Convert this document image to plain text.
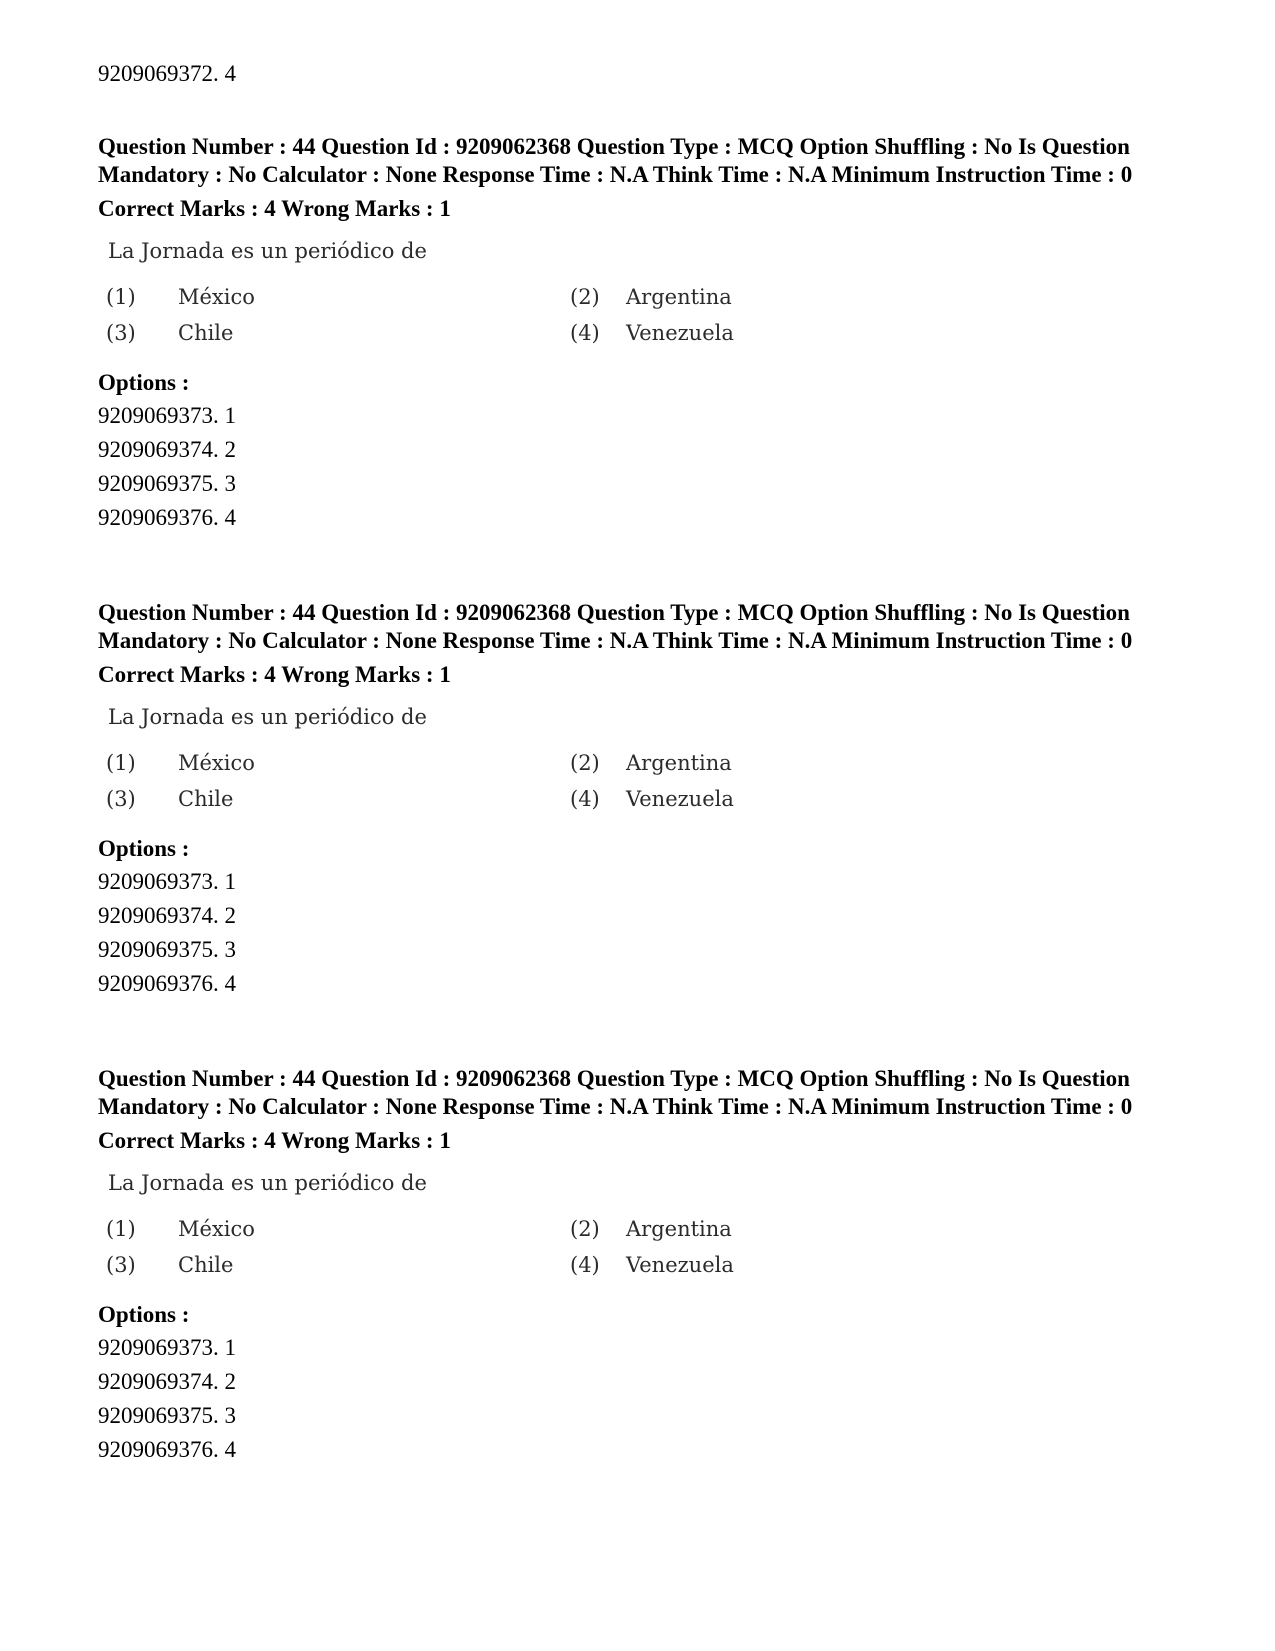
9209069372. 4

Question Number : 44 Question Id : 9209062368 Question Type : MCQ Option Shuffling : No Is Question Mandatory : No Calculator : None Response Time : N.A Think Time : N.A Minimum Instruction Time : 0

Correct Marks : 4 Wrong Marks : 1
La Jornada es un periódico de
(1) México	(2) Argentina
(3) Chile	(4) Venezuela
Options :
9209069373. 1
9209069374. 2
9209069375. 3
9209069376. 4

Question Number : 44 Question Id : 9209062368 Question Type : MCQ Option Shuffling : No Is Question Mandatory : No Calculator : None Response Time : N.A Think Time : N.A Minimum Instruction Time : 0

Correct Marks : 4 Wrong Marks : 1
La Jornada es un periódico de
(1) México	(2) Argentina
(3) Chile	(4) Venezuela
Options :
9209069373. 1
9209069374. 2
9209069375. 3
9209069376. 4

Question Number : 44 Question Id : 9209062368 Question Type : MCQ Option Shuffling : No Is Question Mandatory : No Calculator : None Response Time : N.A Think Time : N.A Minimum Instruction Time : 0

Correct Marks : 4 Wrong Marks : 1
La Jornada es un periódico de
(1) México	(2) Argentina
(3) Chile	(4) Venezuela
Options :
9209069373. 1
9209069374. 2
9209069375. 3
9209069376. 4
